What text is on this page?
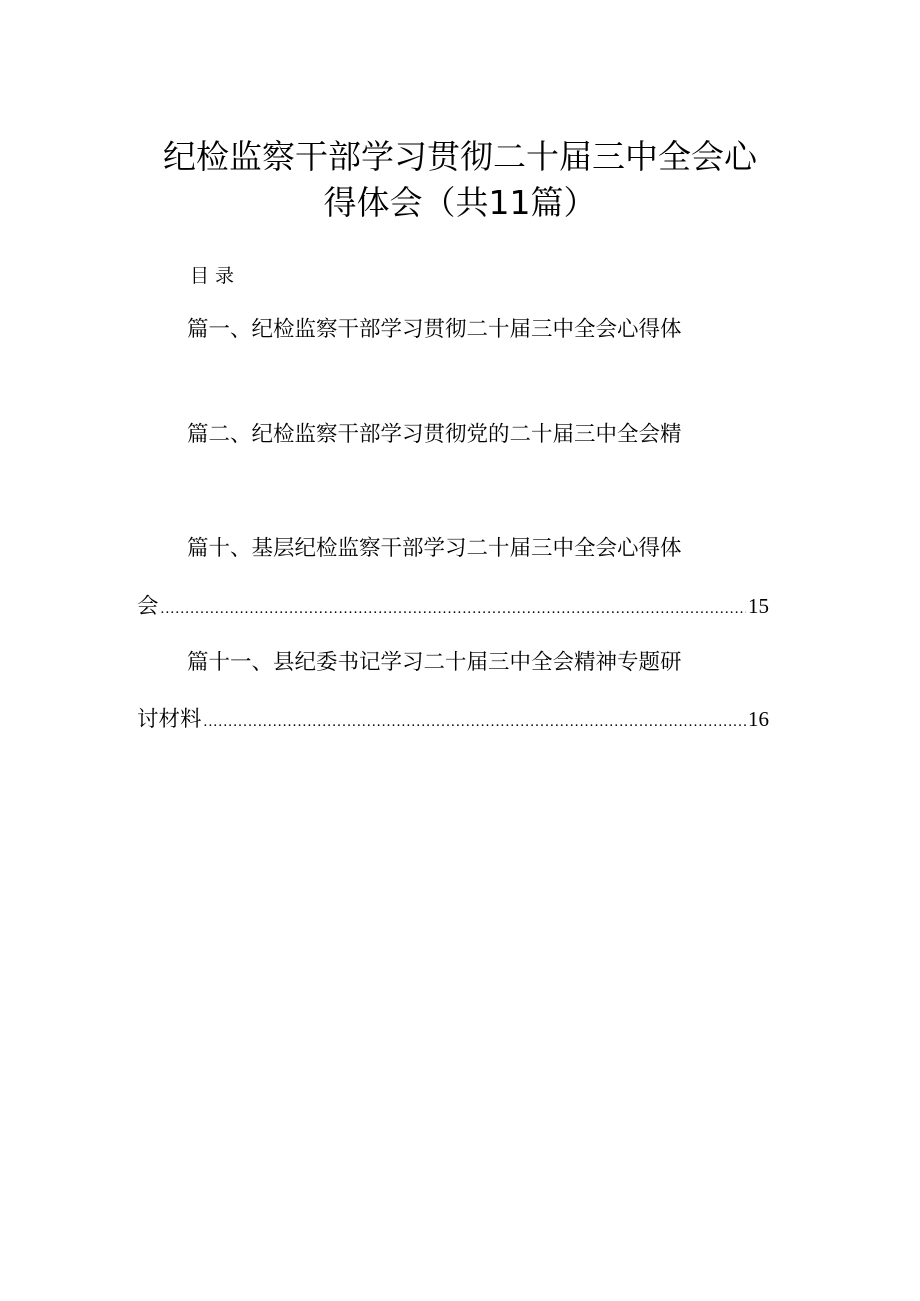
纪检监察干部学习贯彻二十届三中全会心
得体会（共11篇）
目录
篇一、纪检监察干部学习贯彻二十届三中全会心得体
篇二、纪检监察干部学习贯彻党的二十届三中全会精
篇十、基层纪检监察干部学习二十届三中全会心得体
会 .....	15
篇十一、县纪委书记学习二十届三中全会精神专题研
讨材料 .....	16
